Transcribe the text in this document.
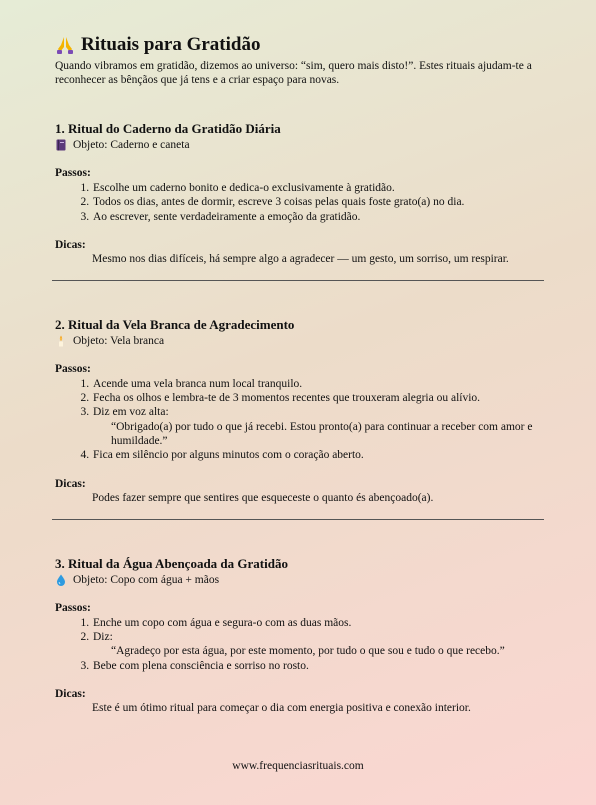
Rituais para Gratidão

Quando vibramos em gratidão, dizemos ao universo: “sim, quero mais disto!”. Estes rituais ajudam-te a reconhecer as bênçãos que já tens e a criar espaço para novas.

1. Ritual do Caderno da Gratidão Diária
Objeto: Caderno e caneta
Passos:
1. Escolhe um caderno bonito e dedica-o exclusivamente à gratidão.
2. Todos os dias, antes de dormir, escreve 3 coisas pelas quais foste grato(a) no dia.
3. Ao escrever, sente verdadeiramente a emoção da gratidão.
Dicas:
Mesmo nos dias difíceis, há sempre algo a agradecer — um gesto, um sorriso, um respirar.
2. Ritual da Vela Branca de Agradecimento
Objeto: Vela branca
Passos:
1. Acende uma vela branca num local tranquilo.
2. Fecha os olhos e lembra-te de 3 momentos recentes que trouxeram alegria ou alívio.
3. Diz em voz alta:
“Obrigado(a) por tudo o que já recebi. Estou pronto(a) para continuar a receber com amor e humildade.”
4. Fica em silêncio por alguns minutos com o coração aberto.
Dicas:
Podes fazer sempre que sentires que esqueceste o quanto és abençoado(a).
3. Ritual da Água Abençoada da Gratidão
Objeto: Copo com água + mãos
Passos:
1. Enche um copo com água e segura-o com as duas mãos.
2. Diz:
“Agradeço por esta água, por este momento, por tudo o que sou e tudo o que recebo.”
3. Bebe com plena consciência e sorriso no rosto.
Dicas:
Este é um ótimo ritual para começar o dia com energia positiva e conexão interior.
www.frequenciasrituais.com
